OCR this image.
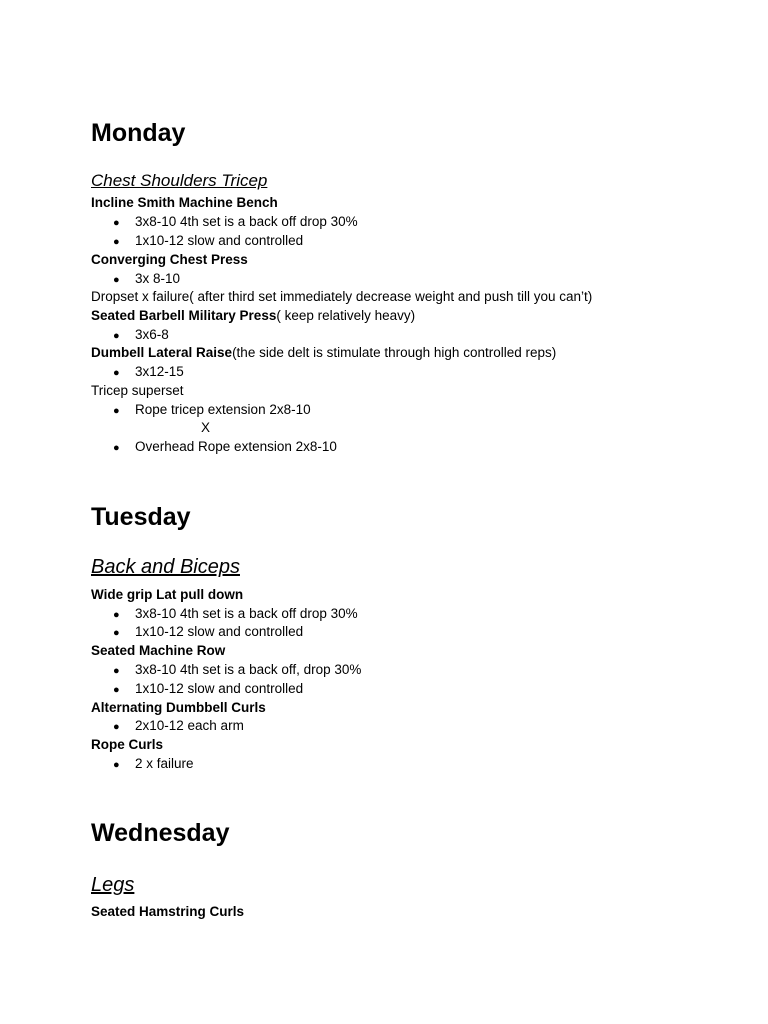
Monday
Chest Shoulders Tricep
Incline Smith Machine Bench
● 3x8-10 4th set is a back off drop 30%
● 1x10-12 slow and controlled
Converging Chest Press
● 3x 8-10
Dropset x failure( after third set immediately decrease weight and push till you can’t)
Seated Barbell Military Press( keep relatively heavy)
● 3x6-8
Dumbell Lateral Raise(the side delt is stimulate through high controlled reps)
● 3x12-15
Tricep superset
● Rope tricep extension 2x8-10
X
● Overhead Rope extension 2x8-10
Tuesday
Back and Biceps
Wide grip Lat pull down
● 3x8-10 4th set is a back off drop 30%
● 1x10-12 slow and controlled
Seated Machine Row
● 3x8-10 4th set is a back off, drop 30%
● 1x10-12 slow and controlled
Alternating Dumbbell Curls
● 2x10-12 each arm
Rope Curls
● 2 x failure
Wednesday
Legs
Seated Hamstring Curls
